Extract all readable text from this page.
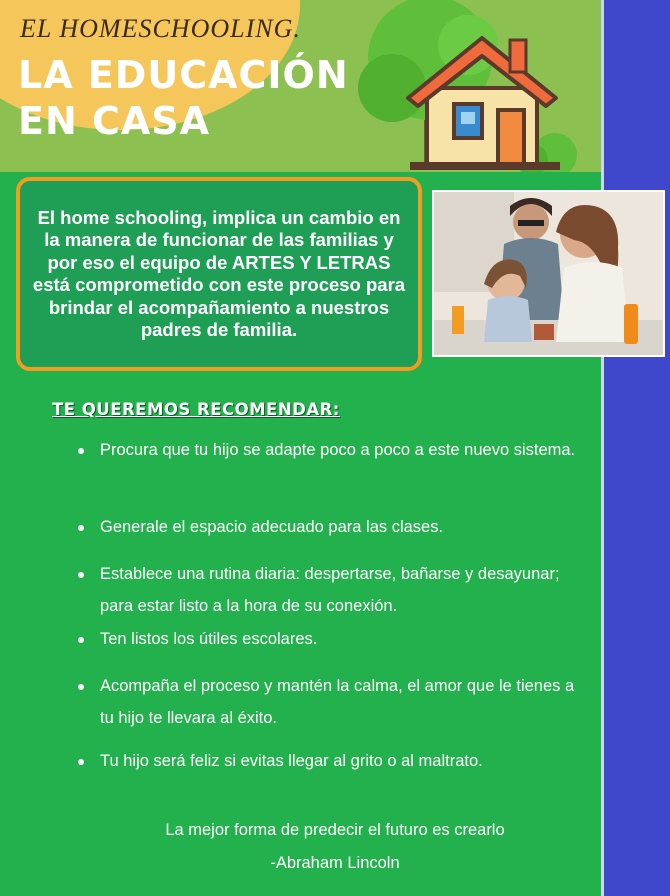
EL HOMESCHOOLING.
LA EDUCACIÓN
EN CASA
El home schooling, implica un cambio en la manera de funcionar de las familias y por eso el equipo de ARTES Y LETRAS está comprometido con este proceso para brindar el acompañamiento a nuestros padres de familia.
TE QUEREMOS RECOMENDAR:
Procura que tu hijo se adapte poco a poco a este nuevo sistema.
Generale el espacio adecuado para las clases.
Establece una rutina diaria: despertarse, bañarse y desayunar; para estar listo a la hora de su conexión.
Ten listos los útiles escolares.
Acompaña el proceso y mantén la calma, el amor que le tienes a tu hijo te llevara al éxito.
Tu hijo será feliz si evitas llegar al grito o al maltrato.
La mejor forma de predecir el futuro es crearlo
-Abraham Lincoln
